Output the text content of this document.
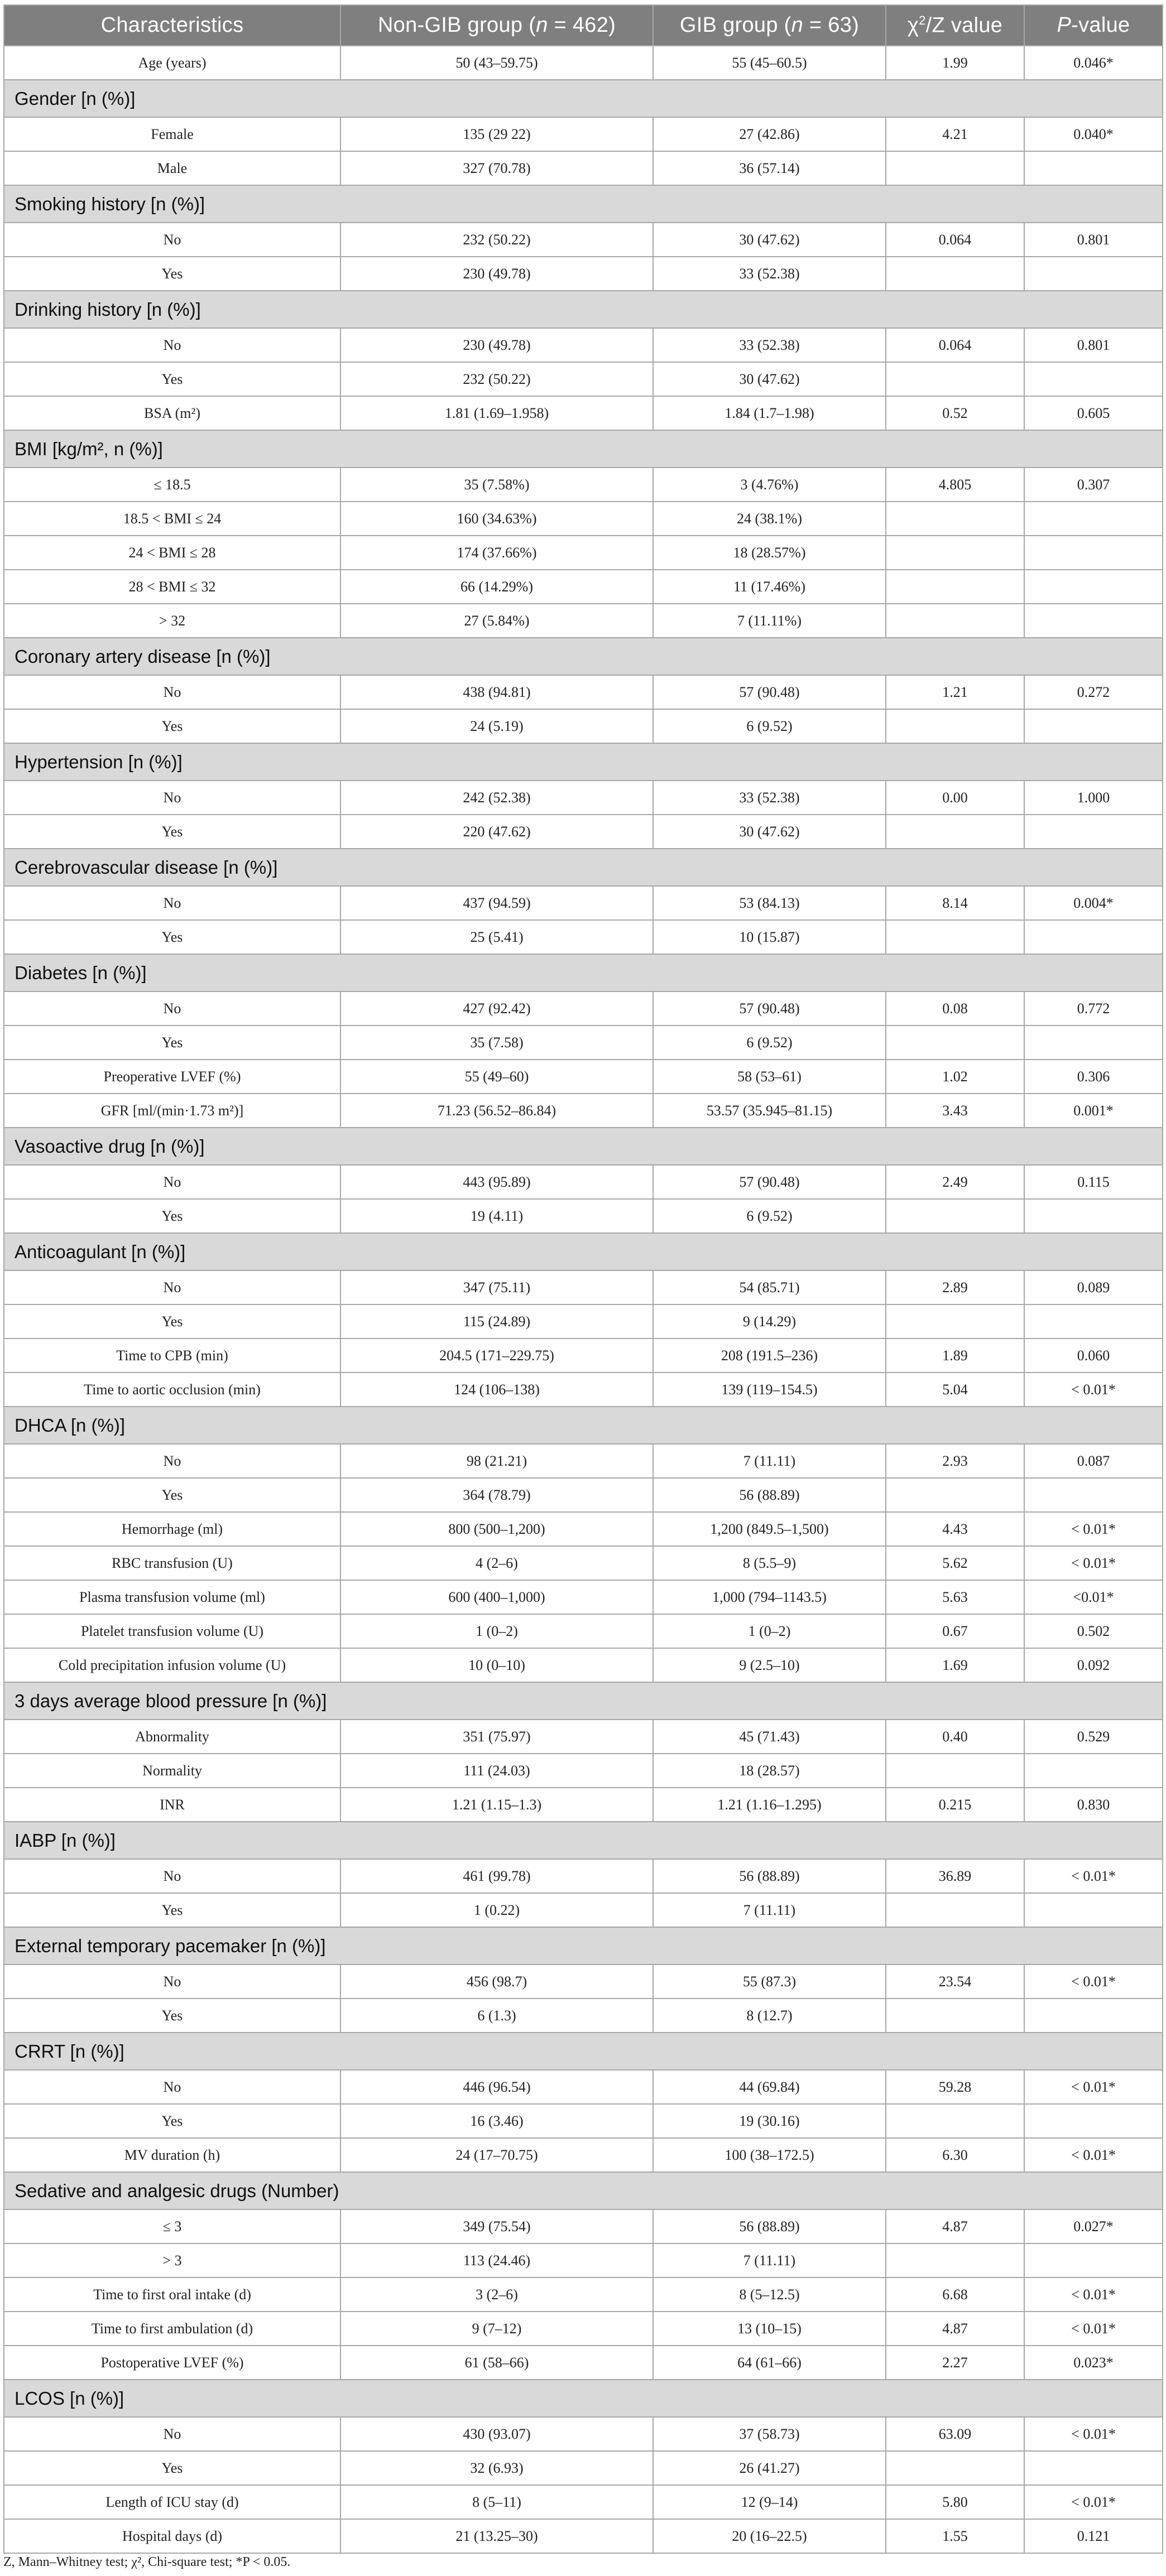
Characteristics	Non-GIB group (n = 462)	GIB group (n = 63)	$\chi^2/Z$ value	P-value
Age (years)	50 (43–59.75)	55 (45–60.5)	1.99	0.046*
Gender [n (%)]				
Female	135 (29 22)	27 (42.86)	4.21	0.040*
Male	327 (70.78)	36 (57.14)		
Smoking history [n (%)]				
No	232 (50.22)	30 (47.62)	0.064	0.801
Yes	230 (49.78)	33 (52.38)		
Drinking history [n (%)]				
No	230 (49.78)	33 (52.38)	0.064	0.801
Yes	232 (50.22)	30 (47.62)		
BSA (m²)	1.81 (1.69–1.958)	1.84 (1.7–1.98)	0.52	0.605
BMI [kg/m², n (%)]				
≤ 18.5	35 (7.58%)	3 (4.76%)	4.805	0.307
18.5 < BMI ≤ 24	160 (34.63%)	24 (38.1%)		
24 < BMI ≤ 28	174 (37.66%)	18 (28.57%)		
28 < BMI ≤ 32	66 (14.29%)	11 (17.46%)		
> 32	27 (5.84%)	7 (11.11%)		
Coronary artery disease [n (%)]				
No	438 (94.81)	57 (90.48)	1.21	0.272
Yes	24 (5.19)	6 (9.52)		
Hypertension [n (%)]				
No	242 (52.38)	33 (52.38)	0.00	1.000
Yes	220 (47.62)	30 (47.62)		
Cerebrovascular disease [n (%)]				
No	437 (94.59)	53 (84.13)	8.14	0.004*
Yes	25 (5.41)	10 (15.87)		
Diabetes [n (%)]				
No	427 (92.42)	57 (90.48)	0.08	0.772
Yes	35 (7.58)	6 (9.52)		
Preoperative LVEF (%)	55 (49–60)	58 (53–61)	1.02	0.306
GFR [ml/(min·1.73 m²)]	71.23 (56.52–86.84)	53.57 (35.945–81.15)	3.43	0.001*
Vasoactive drug [n (%)]				
No	443 (95.89)	57 (90.48)	2.49	0.115
Yes	19 (4.11)	6 (9.52)		
Anticoagulant [n (%)]				
No	347 (75.11)	54 (85.71)	2.89	0.089
Yes	115 (24.89)	9 (14.29)		
Time to CPB (min)	204.5 (171–229.75)	208 (191.5–236)	1.89	0.060
Time to aortic occlusion (min)	124 (106–138)	139 (119–154.5)	5.04	< 0.01*
DHCA [n (%)]				
No	98 (21.21)	7 (11.11)	2.93	0.087
Yes	364 (78.79)	56 (88.89)		
Hemorrhage (ml)	800 (500–1,200)	1,200 (849.5–1,500)	4.43	< 0.01*
RBC transfusion (U)	4 (2–6)	8 (5.5–9)	5.62	< 0.01*
Plasma transfusion volume (ml)	600 (400–1,000)	1,000 (794–1143.5)	5.63	<0.01*
Platelet transfusion volume (U)	1 (0–2)	1 (0–2)	0.67	0.502
Cold precipitation infusion volume (U)	10 (0–10)	9 (2.5–10)	1.69	0.092
3 days average blood pressure [n (%)]				
Abnormality	351 (75.97)	45 (71.43)	0.40	0.529
Normality	111 (24.03)	18 (28.57)		
INR	1.21 (1.15–1.3)	1.21 (1.16–1.295)	0.215	0.830
IABP [n (%)]				
No	461 (99.78)	56 (88.89)	36.89	< 0.01*
Yes	1 (0.22)	7 (11.11)		
External temporary pacemaker [n (%)]				
No	456 (98.7)	55 (87.3)	23.54	< 0.01*
Yes	6 (1.3)	8 (12.7)		
CRRT [n (%)]				
No	446 (96.54)	44 (69.84)	59.28	< 0.01*
Yes	16 (3.46)	19 (30.16)		
MV duration (h)	24 (17–70.75)	100 (38–172.5)	6.30	< 0.01*
Sedative and analgesic drugs (Number)				
≤ 3	349 (75.54)	56 (88.89)	4.87	0.027*
> 3	113 (24.46)	7 (11.11)		
Time to first oral intake (d)	3 (2–6)	8 (5–12.5)	6.68	< 0.01*
Time to first ambulation (d)	9 (7–12)	13 (10–15)	4.87	< 0.01*
Postoperative LVEF (%)	61 (58–66)	64 (61–66)	2.27	0.023*
LCOS [n (%)]				
No	430 (93.07)	37 (58.73)	63.09	< 0.01*
Yes	32 (6.93)	26 (41.27)		
Length of ICU stay (d)	8 (5–11)	12 (9–14)	5.80	< 0.01*
Hospital days (d)	21 (13.25–30)	20 (16–22.5)	1.55	0.121
Z, Mann–Whitney test; χ², Chi-square test; *P < 0.05.
